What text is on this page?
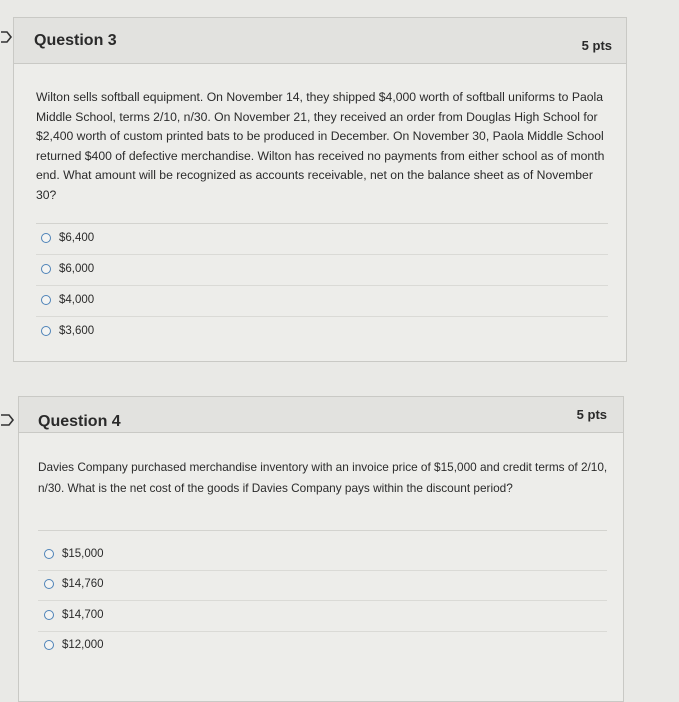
Question 3	5 pts
Wilton sells softball equipment. On November 14, they shipped $4,000 worth of softball uniforms to Paola Middle School, terms 2/10, n/30. On November 21, they received an order from Douglas High School for $2,400 worth of custom printed bats to be produced in December. On November 30, Paola Middle School returned $400 of defective merchandise. Wilton has received no payments from either school as of month end. What amount will be recognized as accounts receivable, net on the balance sheet as of November 30?
$6,400
$6,000
$4,000
$3,600
Question 4	5 pts
Davies Company purchased merchandise inventory with an invoice price of $15,000 and credit terms of 2/10, n/30. What is the net cost of the goods if Davies Company pays within the discount period?
$15,000
$14,760
$14,700
$12,000
